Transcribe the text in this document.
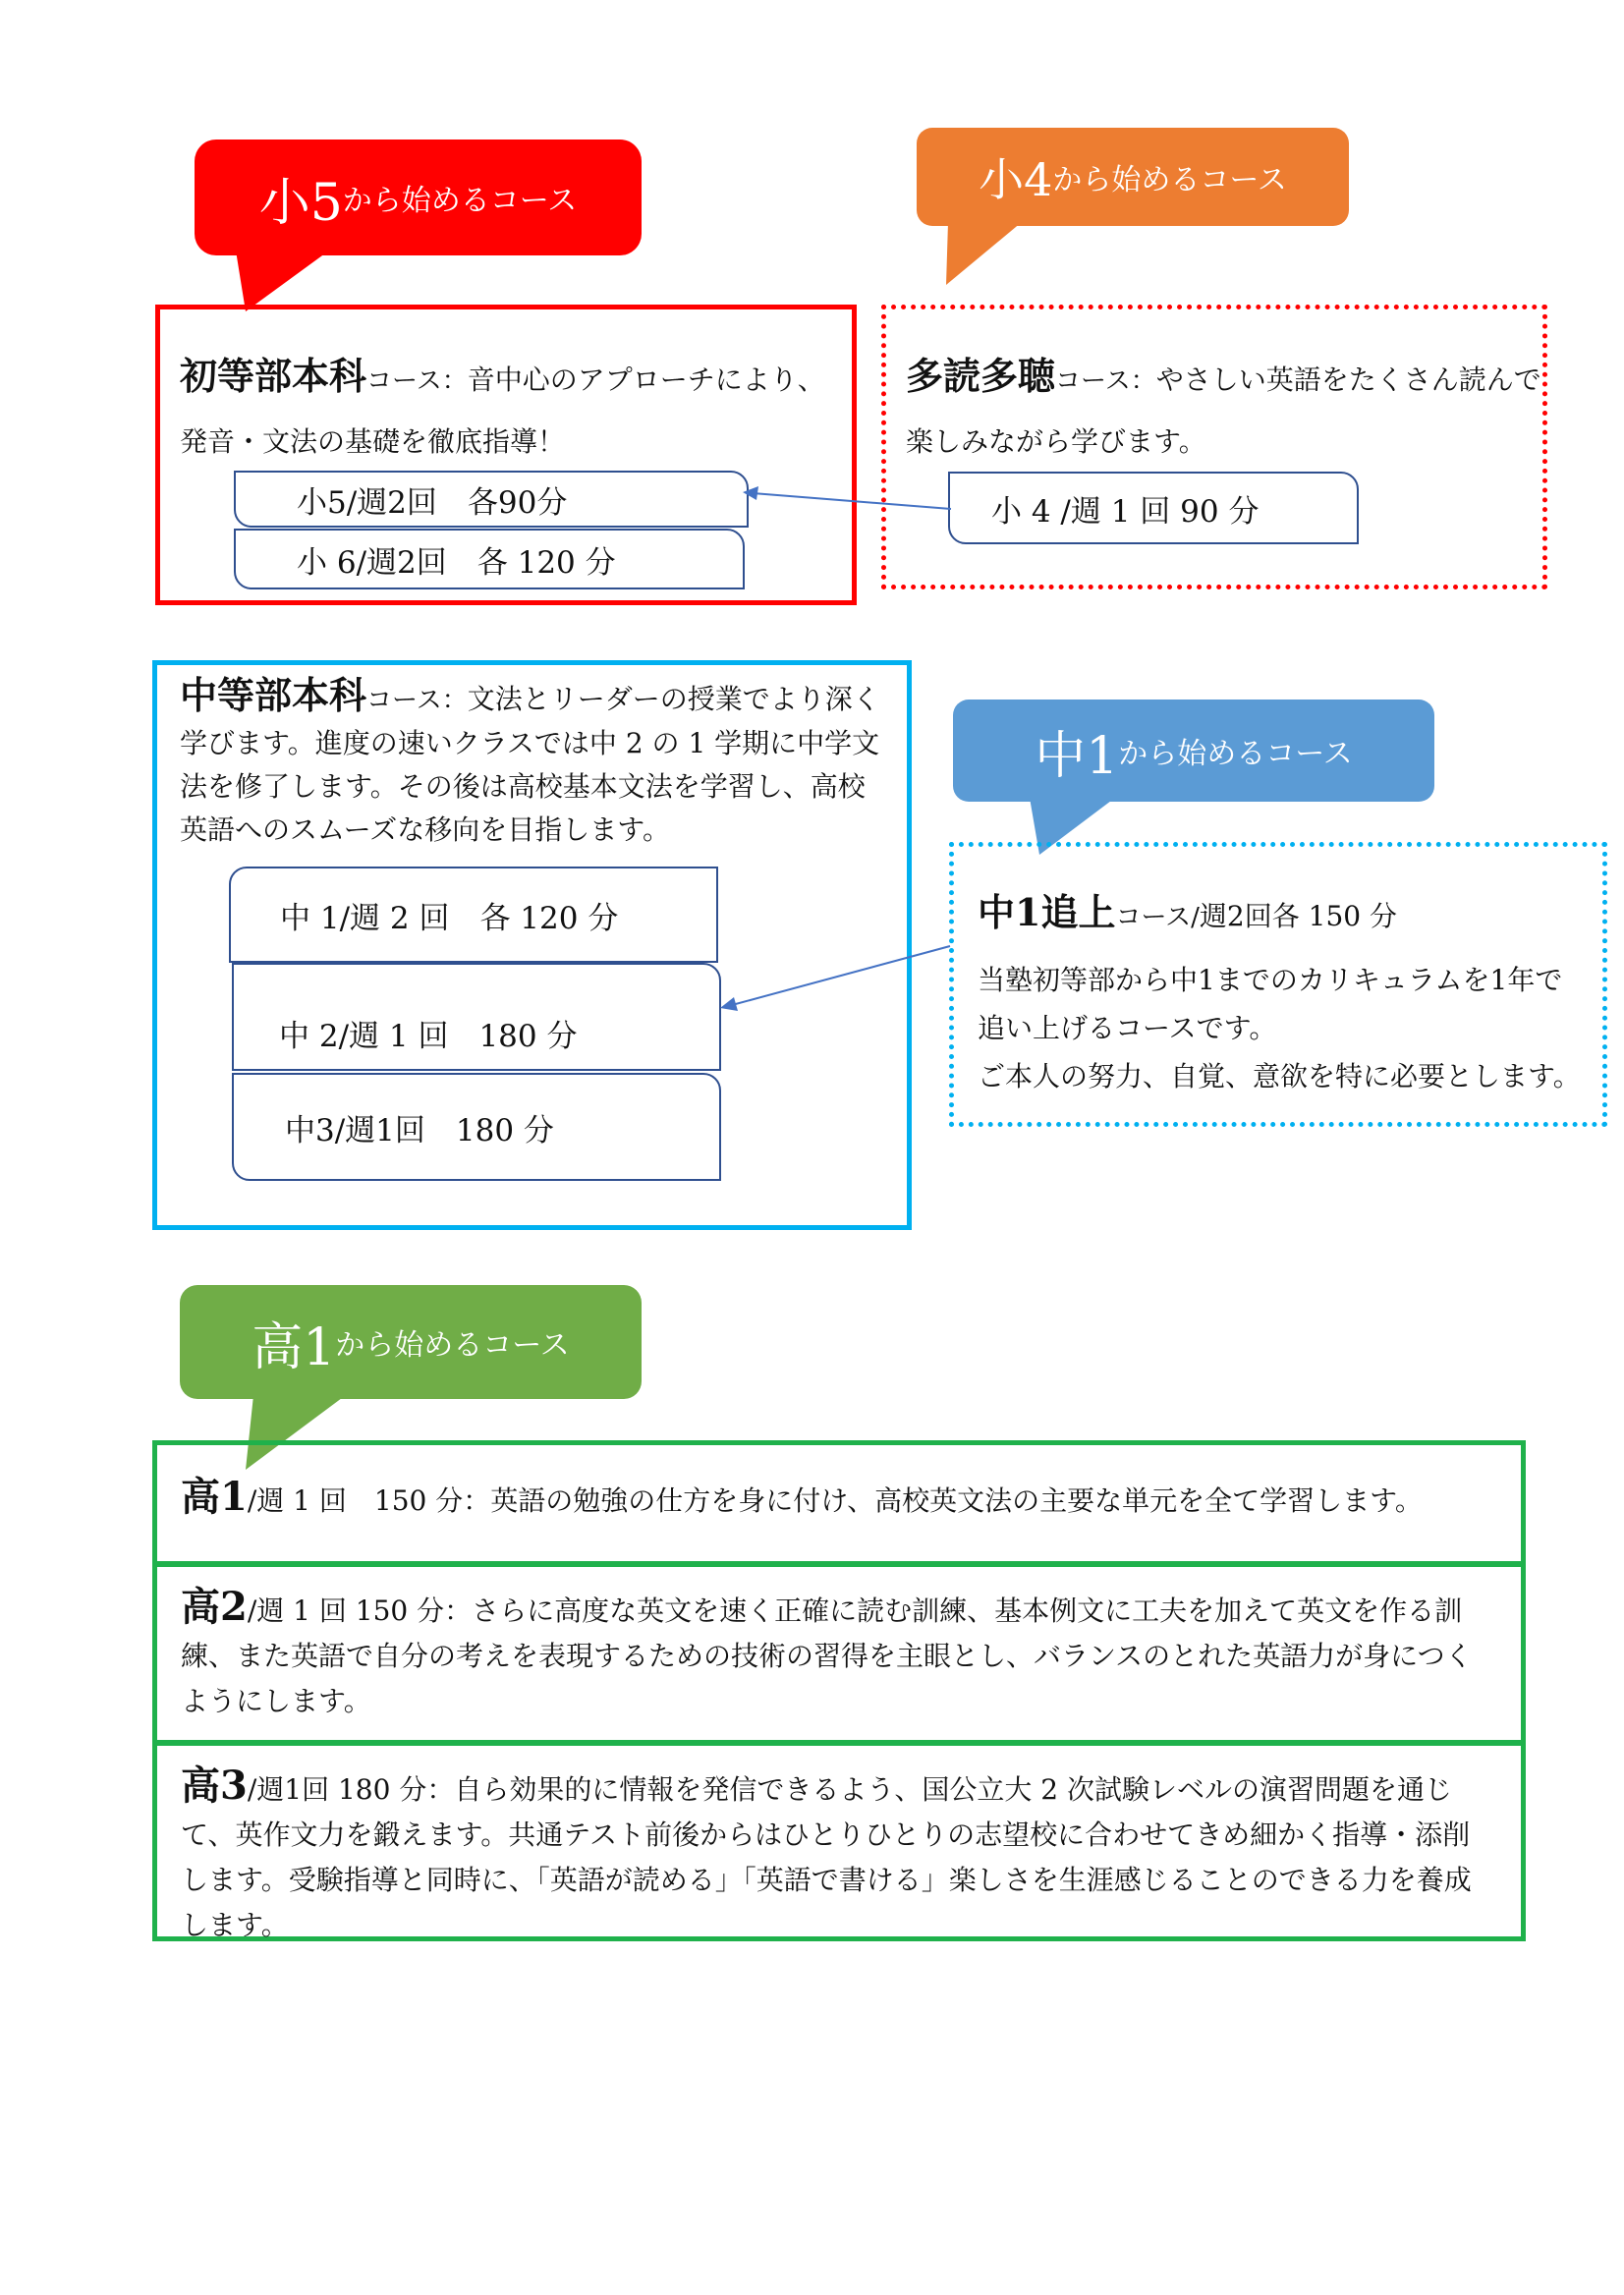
小5 から始めるコース	小4 から始めるコース
初等部本科コース：音中心のアプローチにより、
発音・文法の基礎を徹底指導！
小5/週2回　各90分
小 6/週2回　各 120 分
多読多聴コース：やさしい英語をたくさん読んで
楽しみながら学びます。
小 4 /週 1 回 90 分
中等部本科コース：文法とリーダーの授業でより深く学びます。進度の速いクラスでは中 2 の 1 学期に中学文法を修了します。その後は高校基本文法を学習し、高校英語へのスムーズな移向を目指します。
中 1/週 2 回　各 120 分
中 2/週 1 回　180 分
中3/週1回　180 分
中1 から始めるコース
中1追上コース/週2回各 150 分
当塾初等部から中1までのカリキュラムを1年で
追い上げるコースです。
ご本人の努力、自覚、意欲を特に必要とします。
高1 から始めるコース
高1/週 1 回　150 分：英語の勉強の仕方を身に付け、高校英文法の主要な単元を全て学習します。
高2/週 1 回 150 分：さらに高度な英文を速く正確に読む訓練、基本例文に工夫を加えて英文を作る訓練、また英語で自分の考えを表現するための技術の習得を主眼とし、バランスのとれた英語力が身につくようにします。
高3/週1回 180 分：自ら効果的に情報を発信できるよう、国公立大 2 次試験レベルの演習問題を通じて、英作文力を鍛えます。共通テスト前後からはひとりひとりの志望校に合わせてきめ細かく指導・添削します。受験指導と同時に、「英語が読める」「英語で書ける」楽しさを生涯感じることのできる力を養成します。
